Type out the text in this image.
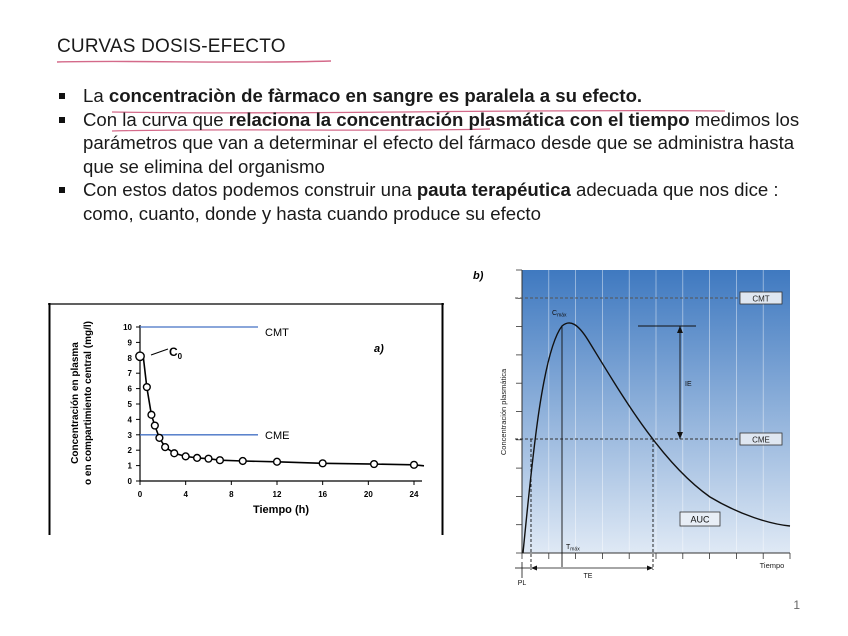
CURVAS DOSIS-EFECTO
La concentraciòn de fàrmaco en sangre es paralela a su efecto.
Con la curva que relaciona la concentración plasmática con el tiempo medimos los parámetros que van a determinar el efecto del fármaco desde que se administra hasta que se elimina del organismo
Con estos datos podemos construir una pauta terapéutica adecuada que nos dice : como, cuanto, donde y hasta cuando produce su efecto
1
0
1
2
3
4
5
6
7
8
9
10
0	4	8	12	16	20	24
CMT
CME
a)
$C_0$
Concentración en plasma o en compartimiento central (mg/l)
Tiempo (h)
b)
CMT
CME
$C_{máx}$
$T_{máx}$
IE
AUC
PL
TE
Tiempo
Concentración plasmática
